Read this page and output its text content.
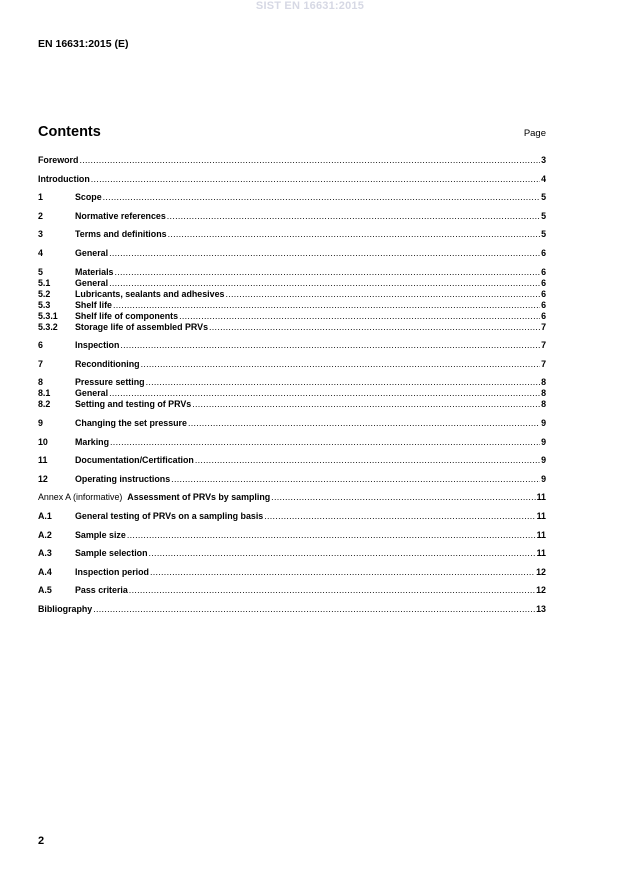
SIST EN 16631:2015
EN 16631:2015 (E)
Contents	Page
Foreword .....	3
Introduction .....	4
1	Scope .....	5
2	Normative references .....	5
3	Terms and definitions .....	5
4	General .....	6
5	Materials .....	6
5.1	General .....	6
5.2	Lubricants, sealants and adhesives .....	6
5.3	Shelf life .....	6
5.3.1	Shelf life of components .....	6
5.3.2	Storage life of assembled PRVs .....	7
6	Inspection .....	7
7	Reconditioning .....	7
8	Pressure setting .....	8
8.1	General .....	8
8.2	Setting and testing of PRVs .....	8
9	Changing the set pressure .....	9
10	Marking .....	9
11	Documentation/Certification .....	9
12	Operating instructions .....	9
Annex A (informative) Assessment of PRVs by sampling .....	11
A.1	General testing of PRVs on a sampling basis .....	11
A.2	Sample size .....	11
A.3	Sample selection .....	11
A.4	Inspection period .....	12
A.5	Pass criteria .....	12
Bibliography .....	13
2
